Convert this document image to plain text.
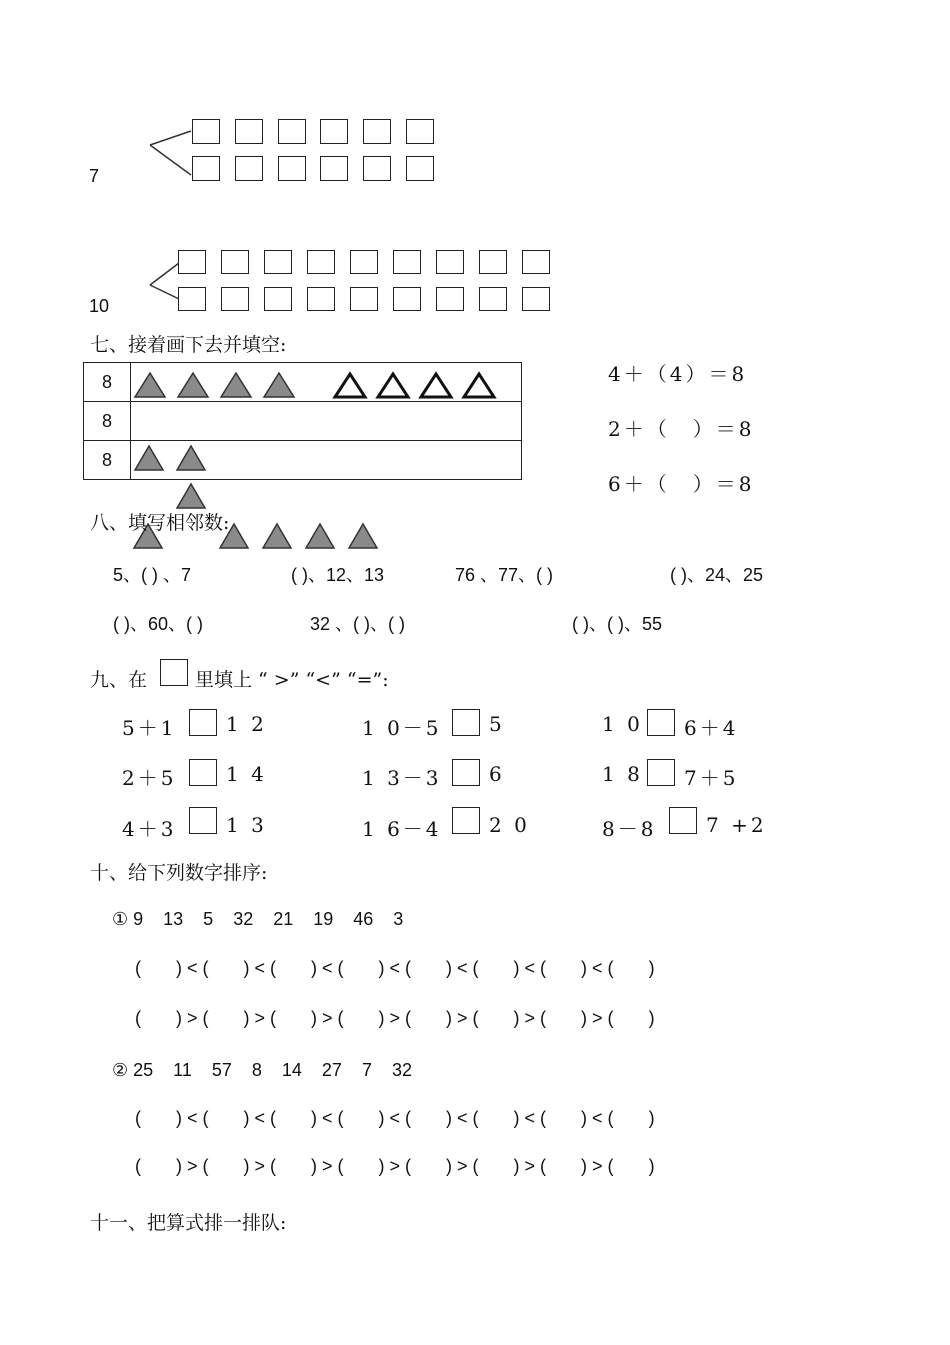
7
10
七、接着画下去并填空:
8	
8	
8	
4＋（4）＝8
2＋（　）＝8
6＋（　）＝8
八、填写相邻数:
5、( ) 、7	( )、12、13	76 、77、( )	( )、24、25
( )、60、( )	32 、( )、( )	( )、( )、55
九、在	里填上 “ >” “<” “=”:
5＋1 1 2	1 0－5 5	1 0 6＋4
2＋5 1 4	1 3－3 6	1 8 7＋5
4＋3 1 3	1 6－4 2 0	8－8 7 +2
十、给下列数字排序:
① 9    13    5    32    21    19    46    3
(       ) < (       ) < (       ) < (       ) < (       ) < (       ) < (       ) < (       )
(       ) > (       ) > (       ) > (       ) > (       ) > (       ) > (       ) > (       )
② 25    11    57    8    14    27    7    32
(       ) < (       ) < (       ) < (       ) < (       ) < (       ) < (       ) < (       )
(       ) > (       ) > (       ) > (       ) > (       ) > (       ) > (       ) > (       )
十一、把算式排一排队:
